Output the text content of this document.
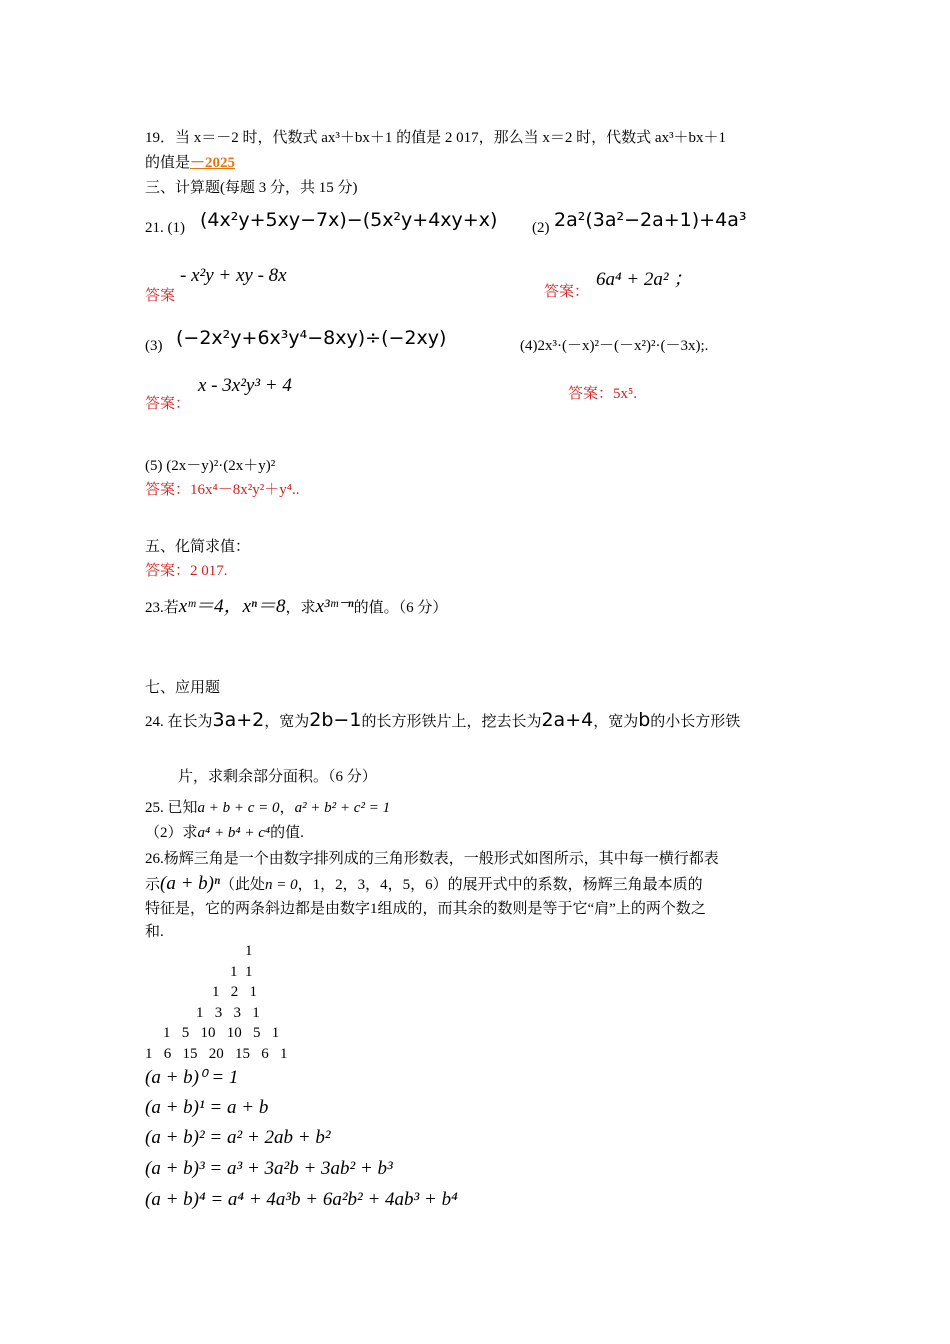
19．当 x＝－2 时，代数式 ax³＋bx＋1 的值是 2 017，那么当 x＝2 时，代数式 ax³＋bx＋1
的值是－2025
三、计算题(每题 3 分，共 15 分)
21. (1) (4x²y+5xy−7x)−(5x²y+4xy+x)
- x²y + xy - 8x
答案
(2) 2a²(3a²−2a+1)+4a³
答案：
6a⁴ + 2a² ；
(3) (−2x²y+6x³y⁴−8xy)÷(−2xy)
x - 3x²y³ + 4
答案：
(4)2x³·(－x)²－(－x²)²·(－3x);.
答案：5x⁵.
(5) (2x－y)²·(2x＋y)²
答案：16x⁴－8x²y²＋y⁴..
五、化简求值：
答案：2 017.
23.若xᵐ＝4，xⁿ＝8，求x³ᵐ⁻ⁿ的值。（6 分）
七、应用题
24. 在长为3a+2，宽为2b−1的长方形铁片上，挖去长为2a+4，宽为b的小长方形铁
片，求剩余部分面积。（6 分）
25. 已知a + b + c = 0，a² + b² + c² = 1
（2）求a⁴ + b⁴ + c⁴的值.
26.杨辉三角是一个由数字排列成的三角形数表，一般形式如图所示，其中每一横行都表
示(a + b)ⁿ（此处n = 0，1，2，3，4，5，6）的展开式中的系数，杨辉三角最本质的
特征是，它的两条斜边都是由数字1组成的，而其余的数则是等于它“肩”上的两个数之
和.
1
1  1
1   2   1
1   3   3   1
1   5   10   10   5   1
1   6   15   20   15   6   1
(a + b)⁰ = 1
(a + b)¹ = a + b
(a + b)² = a² + 2ab + b²
(a + b)³ = a³ + 3a²b + 3ab² + b³
(a + b)⁴ = a⁴ + 4a³b + 6a²b² + 4ab³ + b⁴
